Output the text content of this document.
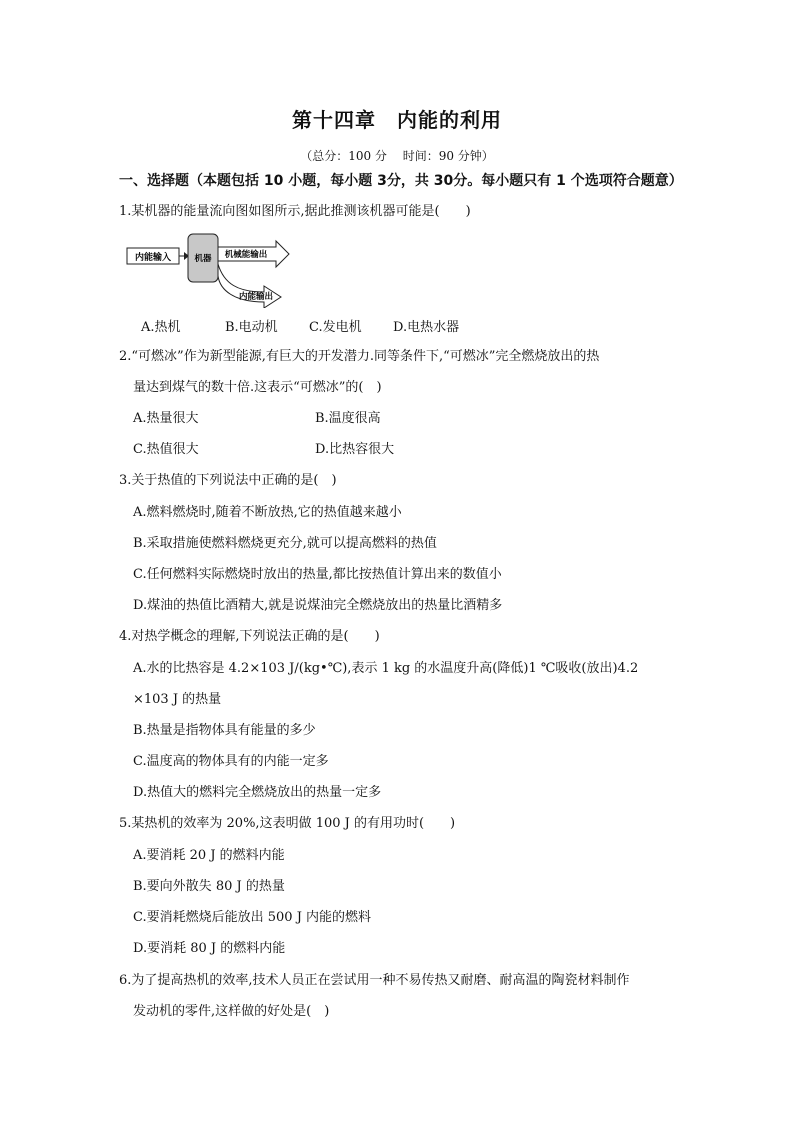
第十四章　内能的利用
（总分：100 分　 时间：90 分钟）
一、选择题（本题包括 10 小题，每小题 3分，共 30分。每小题只有 1 个选项符合题意）
1.某机器的能量流向图如图所示,据此推测该机器可能是(　　)
内能输入	机器 机械能输出
内能输出
A.热机	B.电动机 C.发电机 D.电热水器
2.“可燃冰”作为新型能源,有巨大的开发潜力.同等条件下,“可燃冰”完全燃烧放出的热
量达到煤气的数十倍.这表示“可燃冰”的(　)
A.热量很大	B.温度很高
C.热值很大	D.比热容很大
3.关于热值的下列说法中正确的是(　)
A.燃料燃烧时,随着不断放热,它的热值越来越小
B.采取措施使燃料燃烧更充分,就可以提高燃料的热值
C.任何燃料实际燃烧时放出的热量,都比按热值计算出来的数值小
D.煤油的热值比酒精大,就是说煤油完全燃烧放出的热量比酒精多
4.对热学概念的理解,下列说法正确的是(　　)
A.水的比热容是 4.2×103 J/(kg•℃),表示 1 kg 的水温度升高(降低)1 ℃吸收(放出)4.2
×103 J 的热量
B.热量是指物体具有能量的多少
C.温度高的物体具有的内能一定多
D.热值大的燃料完全燃烧放出的热量一定多
5.某热机的效率为 20%,这表明做 100 J 的有用功时(　　)
A.要消耗 20 J 的燃料内能
B.要向外散失 80 J 的热量
C.要消耗燃烧后能放出 500 J 内能的燃料
D.要消耗 80 J 的燃料内能
6.为了提高热机的效率,技术人员正在尝试用一种不易传热又耐磨、耐高温的陶瓷材料制作
发动机的零件,这样做的好处是(　)
